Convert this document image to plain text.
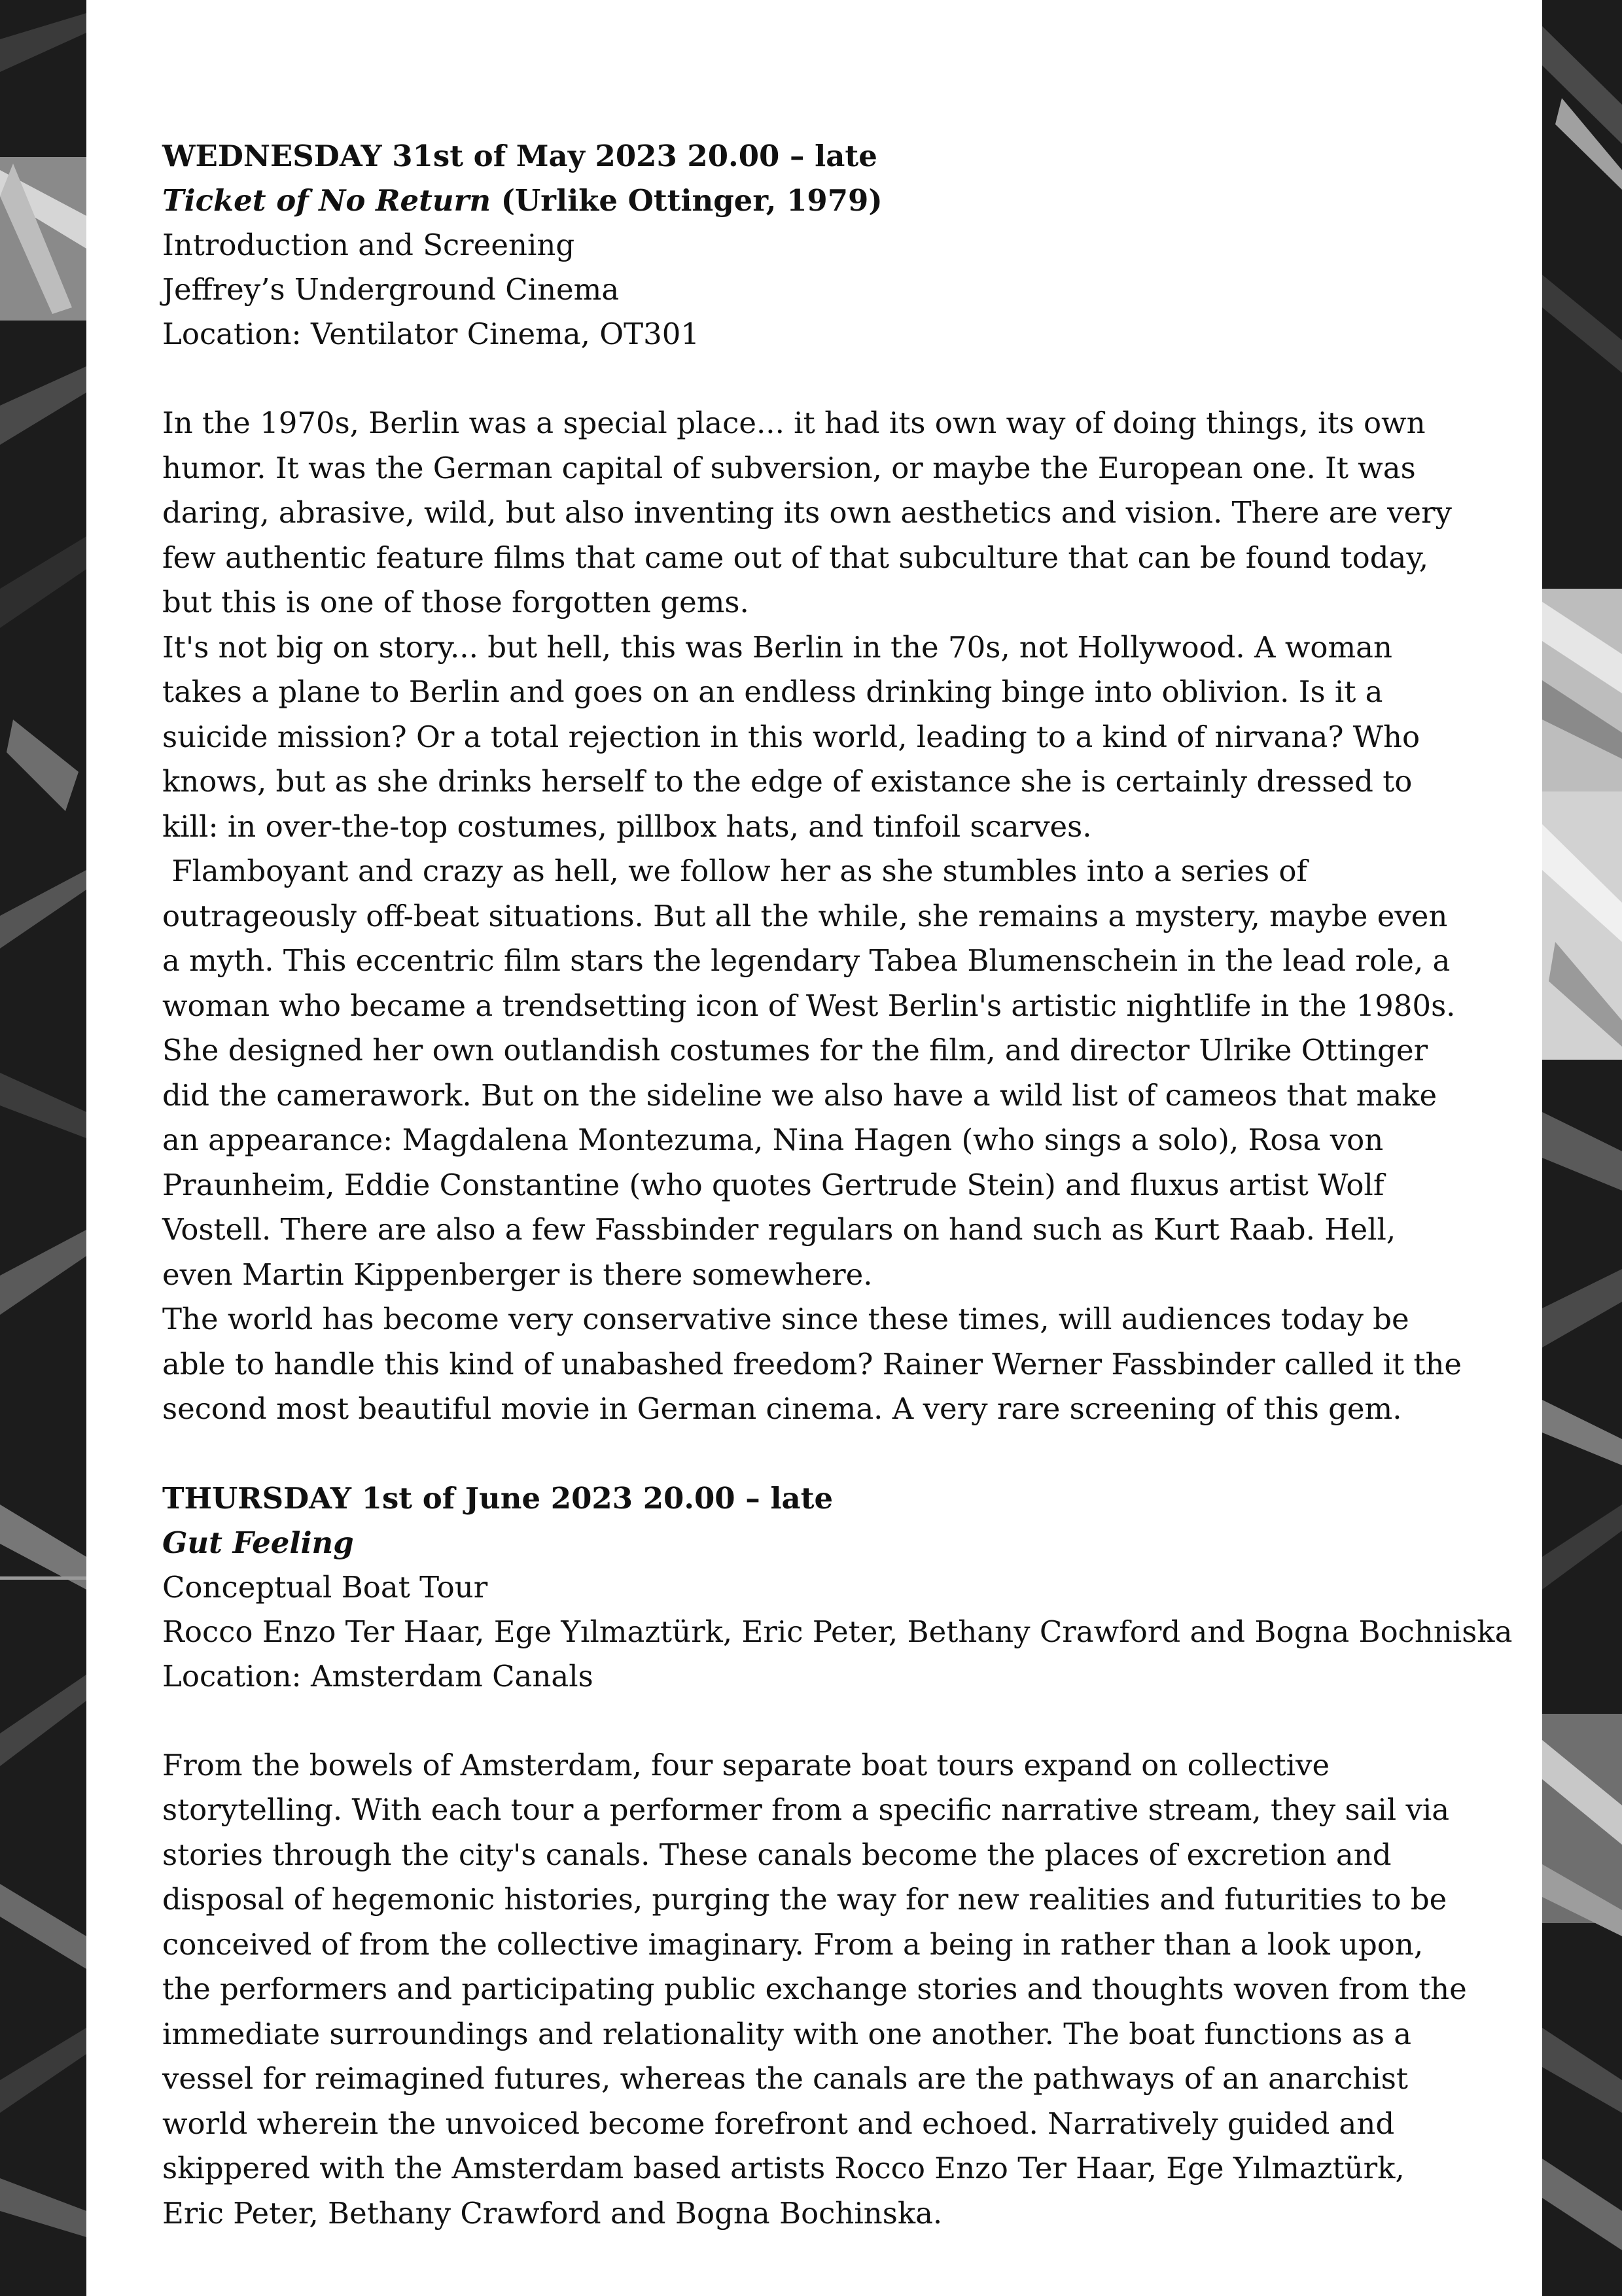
WEDNESDAY 31st of May 2023 20.00 – late

Ticket of No Return (Urlike Ottinger, 1979)

Introduction and Screening

Jeffrey’s Underground Cinema

Location: Ventilator Cinema, OT301

In the 1970s, Berlin was a special place... it had its own way of doing things, its own humor. It was the German capital of subversion, or maybe the European one. It was daring, abrasive, wild, but also inventing its own aesthetics and vision. There are very few authentic feature films that came out of that subculture that can be found today, but this is one of those forgotten gems.

It's not big on story... but hell, this was Berlin in the 70s, not Hollywood. A woman takes a plane to Berlin and goes on an endless drinking binge into oblivion. Is it a suicide mission? Or a total rejection in this world, leading to a kind of nirvana? Who knows, but as she drinks herself to the edge of existance she is certainly dressed to kill: in over-the-top costumes, pillbox hats, and tinfoil scarves.

Flamboyant and crazy as hell, we follow her as she stumbles into a series of outrageously off-beat situations. But all the while, she remains a mystery, maybe even a myth. This eccentric film stars the legendary Tabea Blumenschein in the lead role, a woman who became a trendsetting icon of West Berlin's artistic nightlife in the 1980s. She designed her own outlandish costumes for the film, and director Ulrike Ottinger did the camerawork. But on the sideline we also have a wild list of cameos that make an appearance: Magdalena Montezuma, Nina Hagen (who sings a solo), Rosa von Praunheim, Eddie Constantine (who quotes Gertrude Stein) and fluxus artist Wolf Vostell. There are also a few Fassbinder regulars on hand such as Kurt Raab. Hell, even Martin Kippenberger is there somewhere.

The world has become very conservative since these times, will audiences today be able to handle this kind of unabashed freedom? Rainer Werner Fassbinder called it the second most beautiful movie in German cinema. A very rare screening of this gem.

THURSDAY 1st of June 2023 20.00 – late

Gut Feeling

Conceptual Boat Tour

Rocco Enzo Ter Haar, Ege Yılmaztürk, Eric Peter, Bethany Crawford and Bogna Bochniska

Location: Amsterdam Canals

From the bowels of Amsterdam, four separate boat tours expand on collective storytelling. With each tour a performer from a specific narrative stream, they sail via stories through the city's canals. These canals become the places of excretion and disposal of hegemonic histories, purging the way for new realities and futurities to be conceived of from the collective imaginary. From a being in rather than a look upon, the performers and participating public exchange stories and thoughts woven from the immediate surroundings and relationality with one another. The boat functions as a vessel for reimagined futures, whereas the canals are the pathways of an anarchist world wherein the unvoiced become forefront and echoed. Narratively guided and skippered with the Amsterdam based artists Rocco Enzo Ter Haar, Ege Yılmaztürk, Eric Peter, Bethany Crawford and Bogna Bochinska.
